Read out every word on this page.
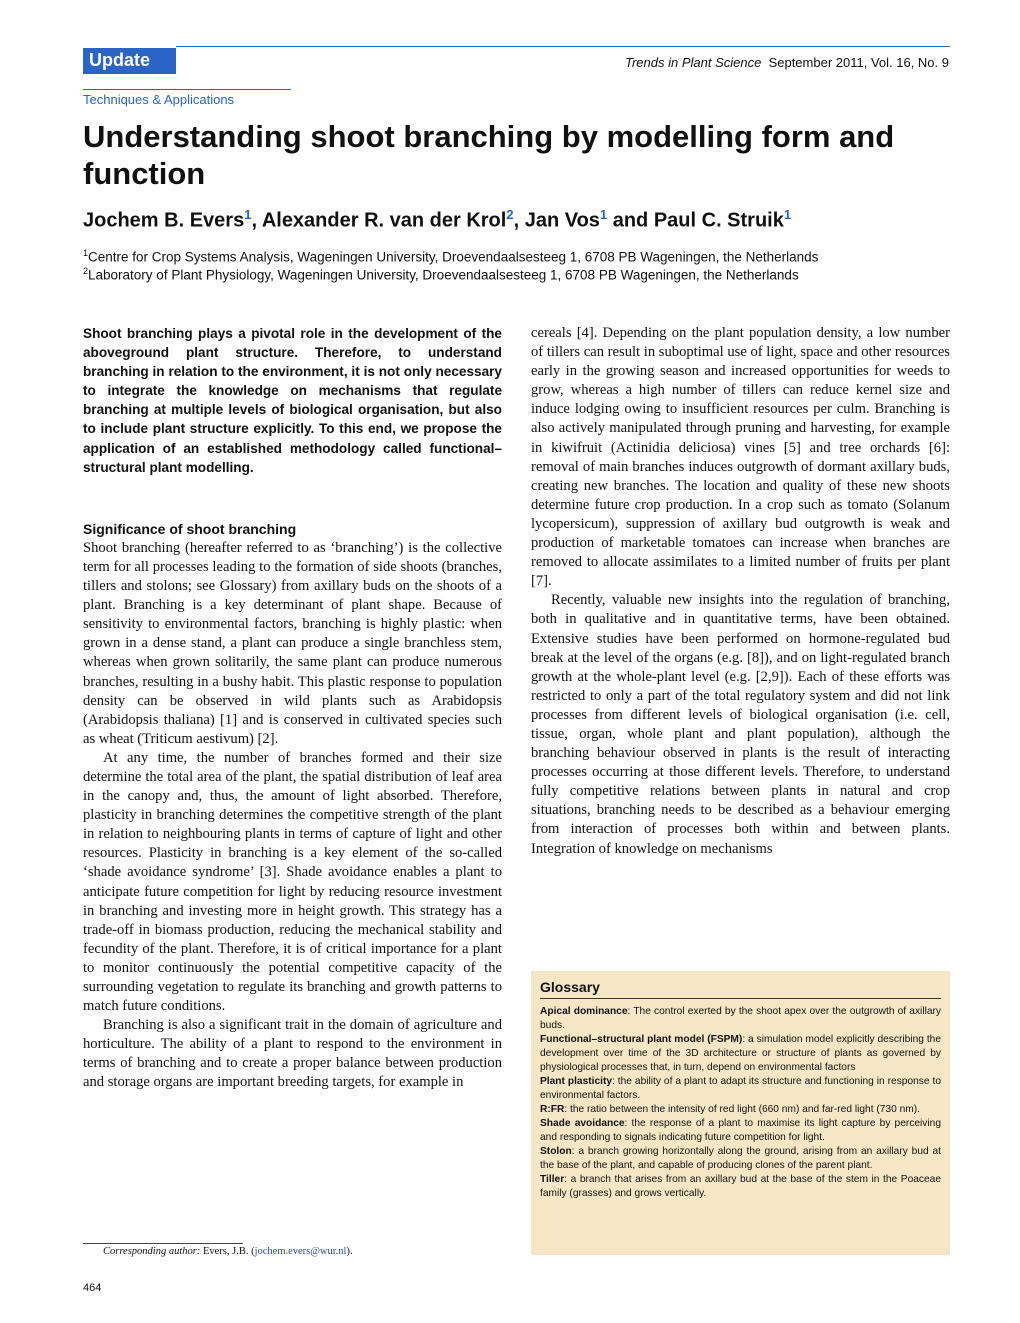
Update	Trends in Plant Science September 2011, Vol. 16, No. 9
Techniques & Applications
Understanding shoot branching by modelling form and function
Jochem B. Evers$^1$, Alexander R. van der Krol$^2$, Jan Vos$^1$ and Paul C. Struik$^1$
$^1$Centre for Crop Systems Analysis, Wageningen University, Droevendaalsesteeg 1, 6708 PB Wageningen, the Netherlands
$^2$Laboratory of Plant Physiology, Wageningen University, Droevendaalsesteeg 1, 6708 PB Wageningen, the Netherlands

Shoot branching plays a pivotal role in the development of the aboveground plant structure. Therefore, to understand branching in relation to the environment, it is not only necessary to integrate the knowledge on mechanisms that regulate branching at multiple levels of biological organisation, but also to include plant structure explicitly. To this end, we propose the application of an established methodology called functional–structural plant modelling.

Significance of shoot branching

Shoot branching (hereafter referred to as ‘branching’) is the collective term for all processes leading to the formation of side shoots (branches, tillers and stolons; see Glossary) from axillary buds on the shoots of a plant. Branching is a key determinant of plant shape. Because of sensitivity to environmental factors, branching is highly plastic: when grown in a dense stand, a plant can produce a single branchless stem, whereas when grown solitarily, the same plant can produce numerous branches, resulting in a bushy habit. This plastic response to population density can be observed in wild plants such as Arabidopsis (Arabidopsis thaliana) [1] and is conserved in cultivated species such as wheat (Triticum aestivum) [2].

At any time, the number of branches formed and their size determine the total area of the plant, the spatial distribution of leaf area in the canopy and, thus, the amount of light absorbed. Therefore, plasticity in branching determines the competitive strength of the plant in relation to neighbouring plants in terms of capture of light and other resources. Plasticity in branching is a key element of the so-called ‘shade avoidance syndrome’ [3]. Shade avoidance enables a plant to anticipate future competition for light by reducing resource investment in branching and investing more in height growth. This strategy has a trade-off in biomass production, reducing the mechanical stability and fecundity of the plant. Therefore, it is of critical importance for a plant to monitor continuously the potential competitive capacity of the surrounding vegetation to regulate its branching and growth patterns to match future conditions.

Branching is also a significant trait in the domain of agriculture and horticulture. The ability of a plant to respond to the environment in terms of branching and to create a proper balance between production and storage organs are important breeding targets, for example in

cereals [4]. Depending on the plant population density, a low number of tillers can result in suboptimal use of light, space and other resources early in the growing season and increased opportunities for weeds to grow, whereas a high number of tillers can reduce kernel size and induce lodging owing to insufficient resources per culm. Branching is also actively manipulated through pruning and harvesting, for example in kiwifruit (Actinidia deliciosa) vines [5] and tree orchards [6]: removal of main branches induces outgrowth of dormant axillary buds, creating new branches. The location and quality of these new shoots determine future crop production. In a crop such as tomato (Solanum lycopersicum), suppression of axillary bud outgrowth is weak and production of marketable tomatoes can increase when branches are removed to allocate assimilates to a limited number of fruits per plant [7].

Recently, valuable new insights into the regulation of branching, both in qualitative and in quantitative terms, have been obtained. Extensive studies have been performed on hormone-regulated bud break at the level of the organs (e.g. [8]), and on light-regulated branch growth at the whole-plant level (e.g. [2,9]). Each of these efforts was restricted to only a part of the total regulatory system and did not link processes from different levels of biological organisation (i.e. cell, tissue, organ, whole plant and plant population), although the branching behaviour observed in plants is the result of interacting processes occurring at those different levels. Therefore, to understand fully competitive relations between plants in natural and crop situations, branching needs to be described as a behaviour emerging from interaction of processes both within and between plants. Integration of knowledge on mechanisms

Glossary

Apical dominance: The control exerted by the shoot apex over the outgrowth of axillary buds.

Functional–structural plant model (FSPM): a simulation model explicitly describing the development over time of the 3D architecture or structure of plants as governed by physiological processes that, in turn, depend on environmental factors

Plant plasticity: the ability of a plant to adapt its structure and functioning in response to environmental factors.

R:FR: the ratio between the intensity of red light (660 nm) and far-red light (730 nm).

Shade avoidance: the response of a plant to maximise its light capture by perceiving and responding to signals indicating future competition for light.

Stolon: a branch growing horizontally along the ground, arising from an axillary bud at the base of the plant, and capable of producing clones of the parent plant.

Tiller: a branch that arises from an axillary bud at the base of the stem in the Poaceae family (grasses) and grows vertically.

Corresponding author: Evers, J.B. (jochem.evers@wur.nl).
464
